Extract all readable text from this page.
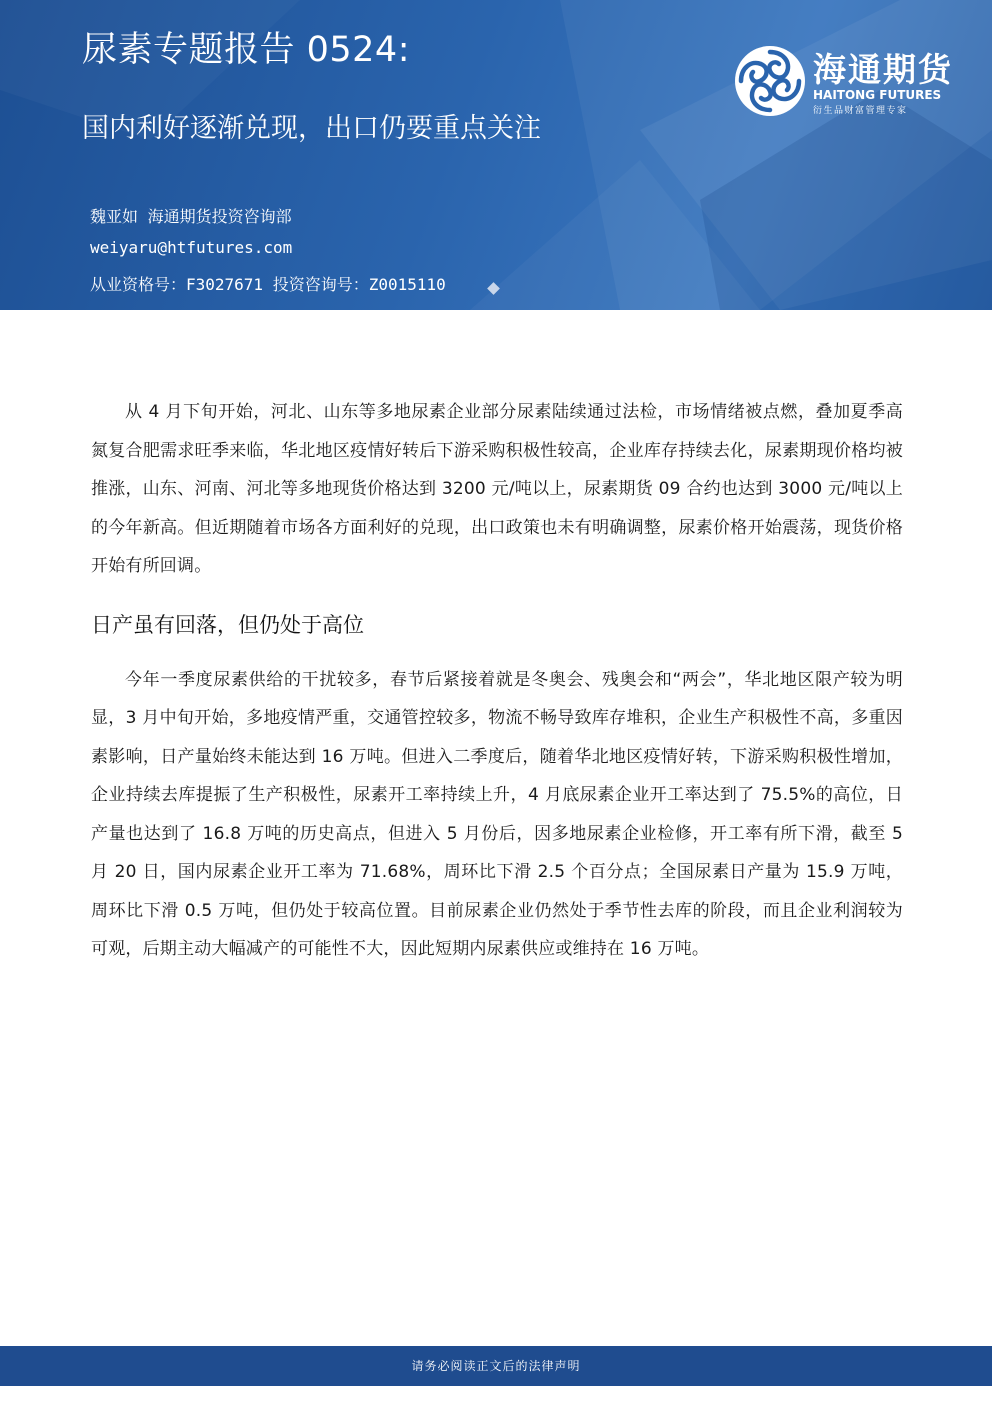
尿素专题报告 0524:
国内利好逐渐兑现，出口仍要重点关注
海通期货
HAITONG FUTURES
衍生品财富管理专家
魏亚如 海通期货投资咨询部
weiyaru@htfutures.com
从业资格号：F3027671 投资咨询号：Z0015110

从 4 月下旬开始，河北、山东等多地尿素企业部分尿素陆续通过法检，市场情绪被点燃，叠加夏季高氮复合肥需求旺季来临，华北地区疫情好转后下游采购积极性较高，企业库存持续去化，尿素期现价格均被推涨，山东、河南、河北等多地现货价格达到 3200 元/吨以上，尿素期货 09 合约也达到 3000 元/吨以上的今年新高。但近期随着市场各方面利好的兑现，出口政策也未有明确调整，尿素价格开始震荡，现货价格开始有所回调。

日产虽有回落，但仍处于高位

今年一季度尿素供给的干扰较多，春节后紧接着就是冬奥会、残奥会和“两会”，华北地区限产较为明显，3 月中旬开始，多地疫情严重，交通管控较多，物流不畅导致库存堆积，企业生产积极性不高，多重因素影响，日产量始终未能达到 16 万吨。但进入二季度后，随着华北地区疫情好转，下游采购积极性增加，企业持续去库提振了生产积极性，尿素开工率持续上升，4 月底尿素企业开工率达到了 75.5%的高位，日产量也达到了 16.8 万吨的历史高点，但进入 5 月份后，因多地尿素企业检修，开工率有所下滑，截至 5 月 20 日，国内尿素企业开工率为 71.68%，周环比下滑 2.5 个百分点；全国尿素日产量为 15.9 万吨，周环比下滑 0.5 万吨，但仍处于较高位置。目前尿素企业仍然处于季节性去库的阶段，而且企业利润较为可观，后期主动大幅减产的可能性不大，因此短期内尿素供应或维持在 16 万吨。

请务必阅读正文后的法律声明
